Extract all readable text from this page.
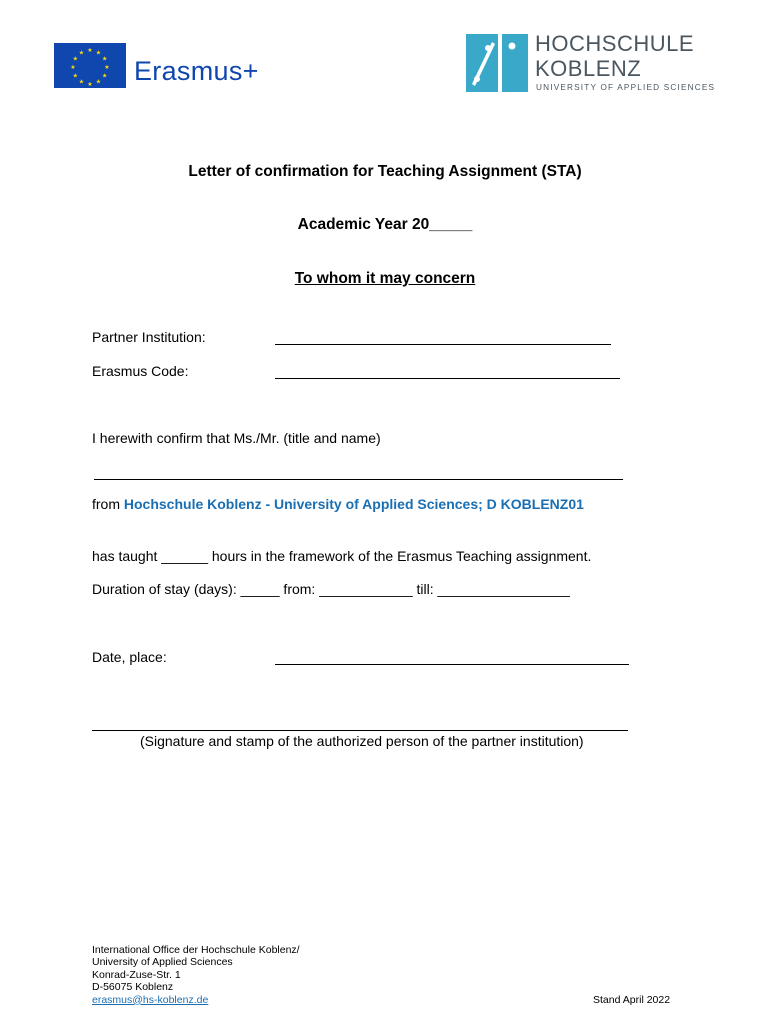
★ ★
★
★
★
★
★
★
★
★
★
★
Erasmus+
HOCHSCHULE
KOBLENZ
UNIVERSITY OF APPLIED SCIENCES
Letter of confirmation for Teaching Assignment (STA)
Academic Year 20_____
To whom it may concern
Partner Institution:
Erasmus Code:
I herewith confirm that Ms./Mr. (title and name)
from Hochschule Koblenz - University of Applied Sciences; D KOBLENZ01
has taught ______ hours in the framework of the Erasmus Teaching assignment.
Duration of stay (days): _____ from: ____________ till: _________________
Date, place:
(Signature and stamp of the authorized person of the partner institution)
International Office der Hochschule Koblenz/
University of Applied Sciences
Konrad-Zuse-Str. 1
D-56075 Koblenz
erasmus@hs-koblenz.de	Stand April 2022
